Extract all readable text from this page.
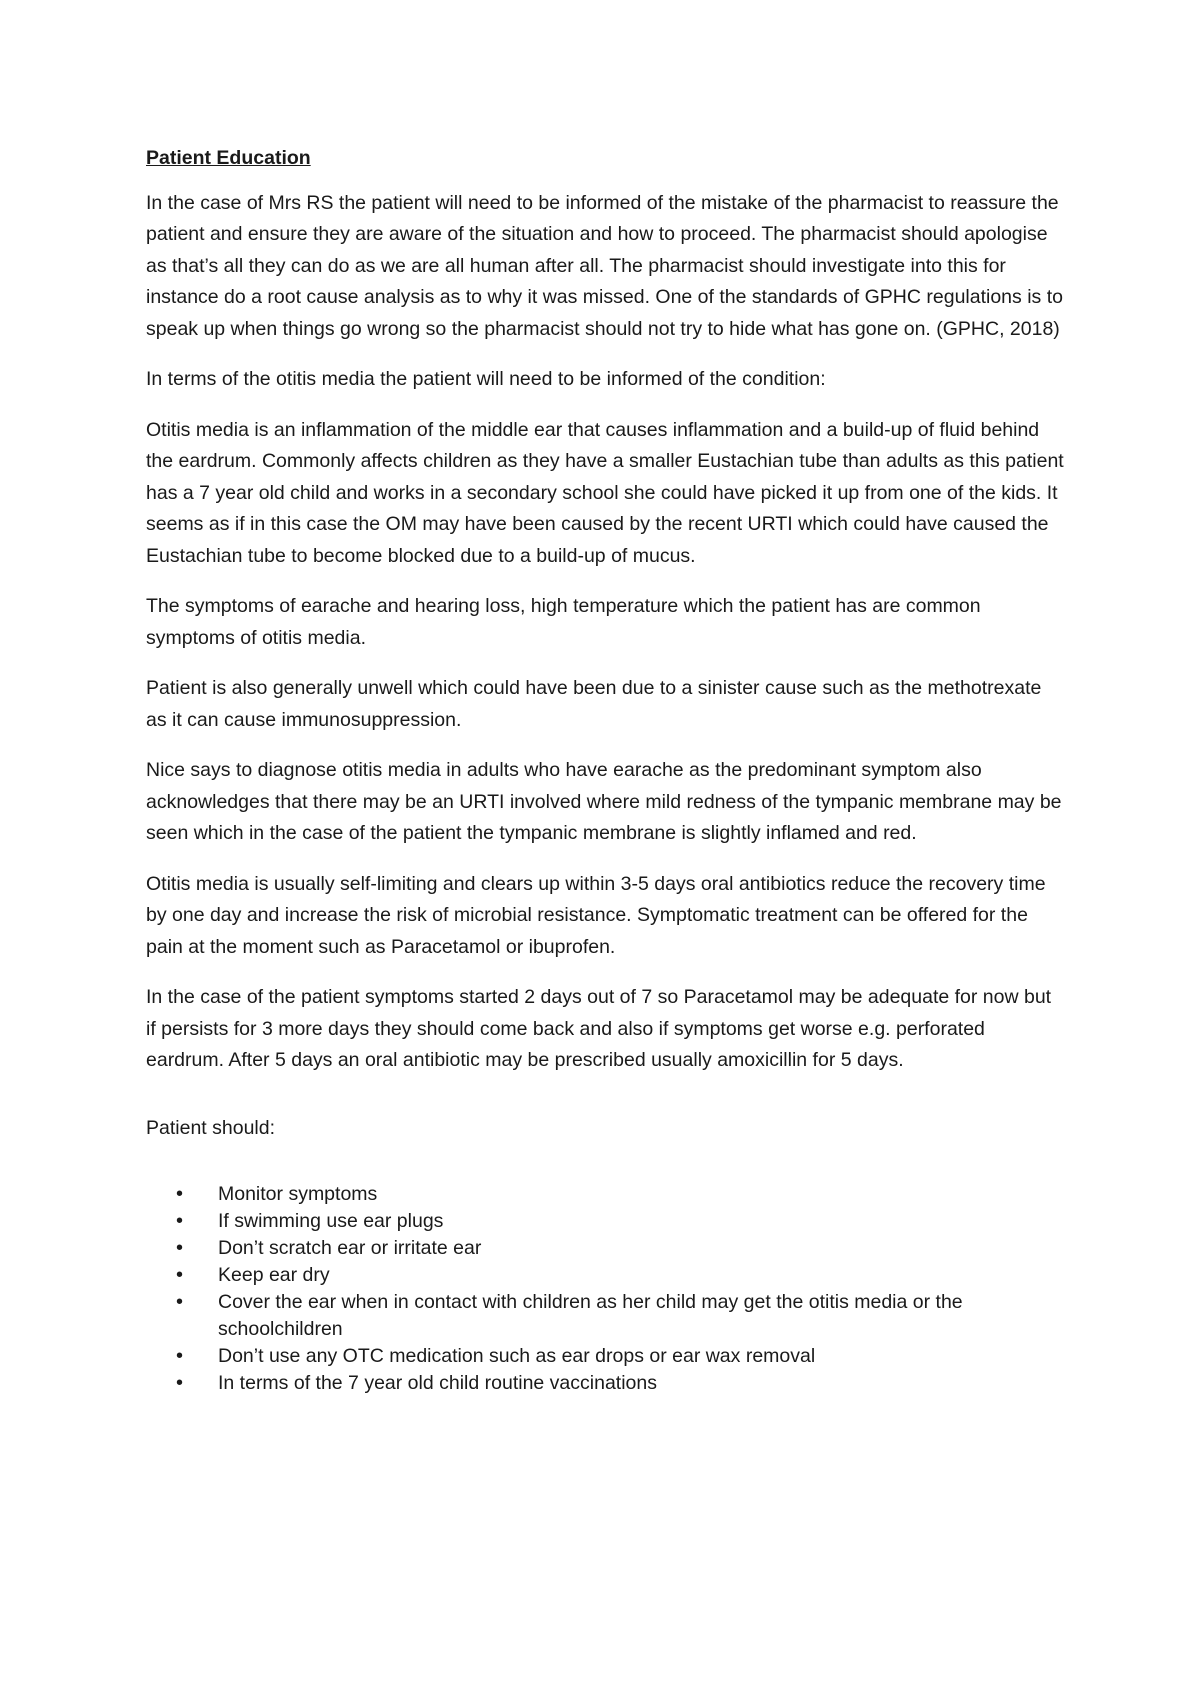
Patient Education

In the case of Mrs RS the patient will need to be informed of the mistake of the pharmacist to reassure the patient and ensure they are aware of the situation and how to proceed. The pharmacist should apologise as that’s all they can do as we are all human after all. The pharmacist should investigate into this for instance do a root cause analysis as to why it was missed. One of the standards of GPHC regulations is to speak up when things go wrong so the pharmacist should not try to hide what has gone on. (GPHC, 2018)

In terms of the otitis media the patient will need to be informed of the condition:

Otitis media is an inflammation of the middle ear that causes inflammation and a build-up of fluid behind the eardrum. Commonly affects children as they have a smaller Eustachian tube than adults as this patient has a 7 year old child and works in a secondary school she could have picked it up from one of the kids. It seems as if in this case the OM may have been caused by the recent URTI which could have caused the Eustachian tube to become blocked due to a build-up of mucus.

The symptoms of earache and hearing loss, high temperature which the patient has are common symptoms of otitis media.

Patient is also generally unwell which could have been due to a sinister cause such as the methotrexate as it can cause immunosuppression.

Nice says to diagnose otitis media in adults who have earache as the predominant symptom also acknowledges that there may be an URTI involved where mild redness of the tympanic membrane may be seen which in the case of the patient the tympanic membrane is slightly inflamed and red.

Otitis media is usually self-limiting and clears up within 3-5 days oral antibiotics reduce the recovery time by one day and increase the risk of microbial resistance. Symptomatic treatment can be offered for the pain at the moment such as Paracetamol or ibuprofen.

In the case of the patient symptoms started 2 days out of 7 so Paracetamol may be adequate for now but if persists for 3 more days they should come back and also if symptoms get worse e.g. perforated eardrum. After 5 days an oral antibiotic may be prescribed usually amoxicillin for 5 days.

Patient should:

• Monitor symptoms
• If swimming use ear plugs
• Don’t scratch ear or irritate ear
• Keep ear dry
• Cover the ear when in contact with children as her child may get the otitis media or the schoolchildren
• Don’t use any OTC medication such as ear drops or ear wax removal
• In terms of the 7 year old child routine vaccinations
